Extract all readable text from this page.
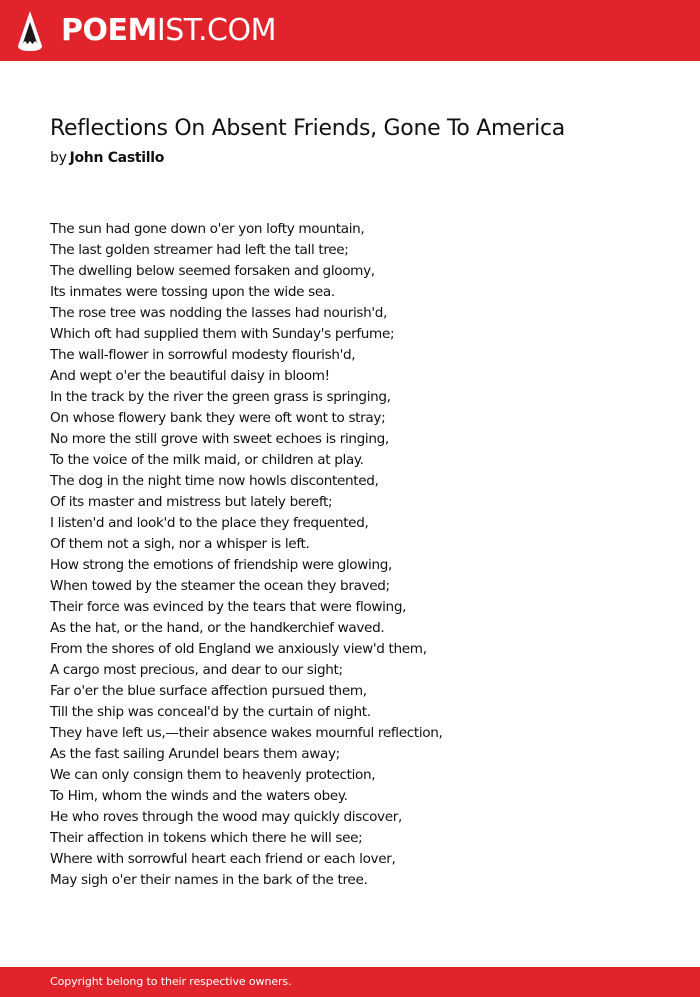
POEMIST.COM
Reflections On Absent Friends, Gone To America
by John Castillo
The sun had gone down o'er yon lofty mountain,
The last golden streamer had left the tall tree;
The dwelling below seemed forsaken and gloomy,
Its inmates were tossing upon the wide sea.
The rose tree was nodding the lasses had nourish'd,
Which oft had supplied them with Sunday's perfume;
The wall-flower in sorrowful modesty flourish'd,
And wept o'er the beautiful daisy in bloom!
In the track by the river the green grass is springing,
On whose flowery bank they were oft wont to stray;
No more the still grove with sweet echoes is ringing,
To the voice of the milk maid, or children at play.
The dog in the night time now howls discontented,
Of its master and mistress but lately bereft;
I listen'd and look'd to the place they frequented,
Of them not a sigh, nor a whisper is left.
How strong the emotions of friendship were glowing,
When towed by the steamer the ocean they braved;
Their force was evinced by the tears that were flowing,
As the hat, or the hand, or the handkerchief waved.
From the shores of old England we anxiously view'd them,
A cargo most precious, and dear to our sight;
Far o'er the blue surface affection pursued them,
Till the ship was conceal'd by the curtain of night.
They have left us,—their absence wakes mournful reflection,
As the fast sailing Arundel bears them away;
We can only consign them to heavenly protection,
To Him, whom the winds and the waters obey.
He who roves through the wood may quickly discover,
Their affection in tokens which there he will see;
Where with sorrowful heart each friend or each lover,
May sigh o'er their names in the bark of the tree.
Copyright belong to their respective owners.
